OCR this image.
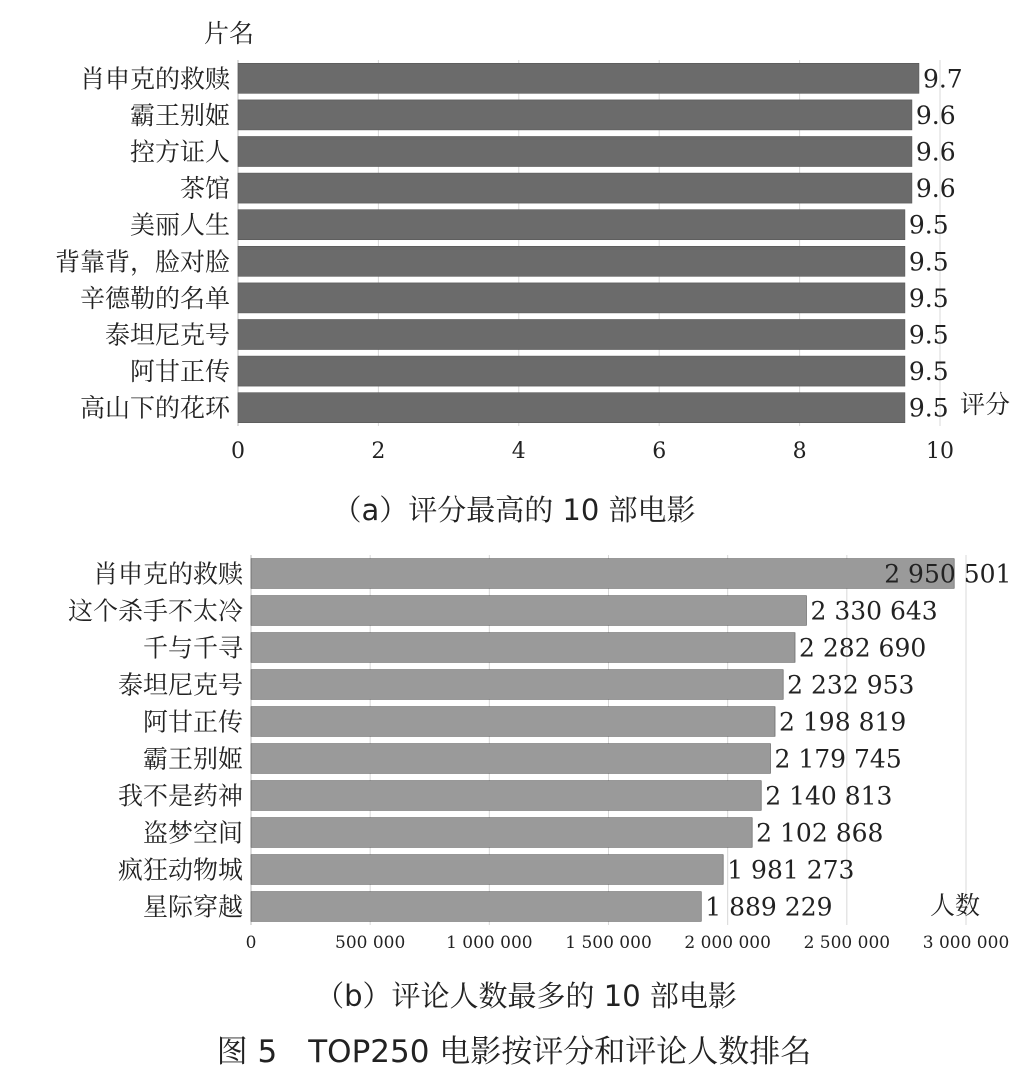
肖申克的救赎
霸王别姬
控方证人
茶馆
美丽人生
背靠背，脸对脸
辛德勒的名单
泰坦尼克号
阿甘正传
高山下的花环
9.7
9.6
9.6
9.6
9.5
9.5
9.5
9.5
9.5
9.5
0	2	4	6	8	10
片名
评分
（a）评分最高的 10 部电影
肖申克的救赎
这个杀手不太冷
千与千寻
泰坦尼克号
阿甘正传
霸王别姬
我不是药神
盗梦空间
疯狂动物城
星际穿越
2 950 501
2 330 643
2 282 690
2 232 953
2 198 819
2 179 745
2 140 813
2 102 868
1 981 273
1 889 229
0	500 000 1 000 000 1 500 000 2 000 000 2 500 000 3 000 000
人数
（b）评论人数最多的 10 部电影
图 5　TOP250 电影按评分和评论人数排名
